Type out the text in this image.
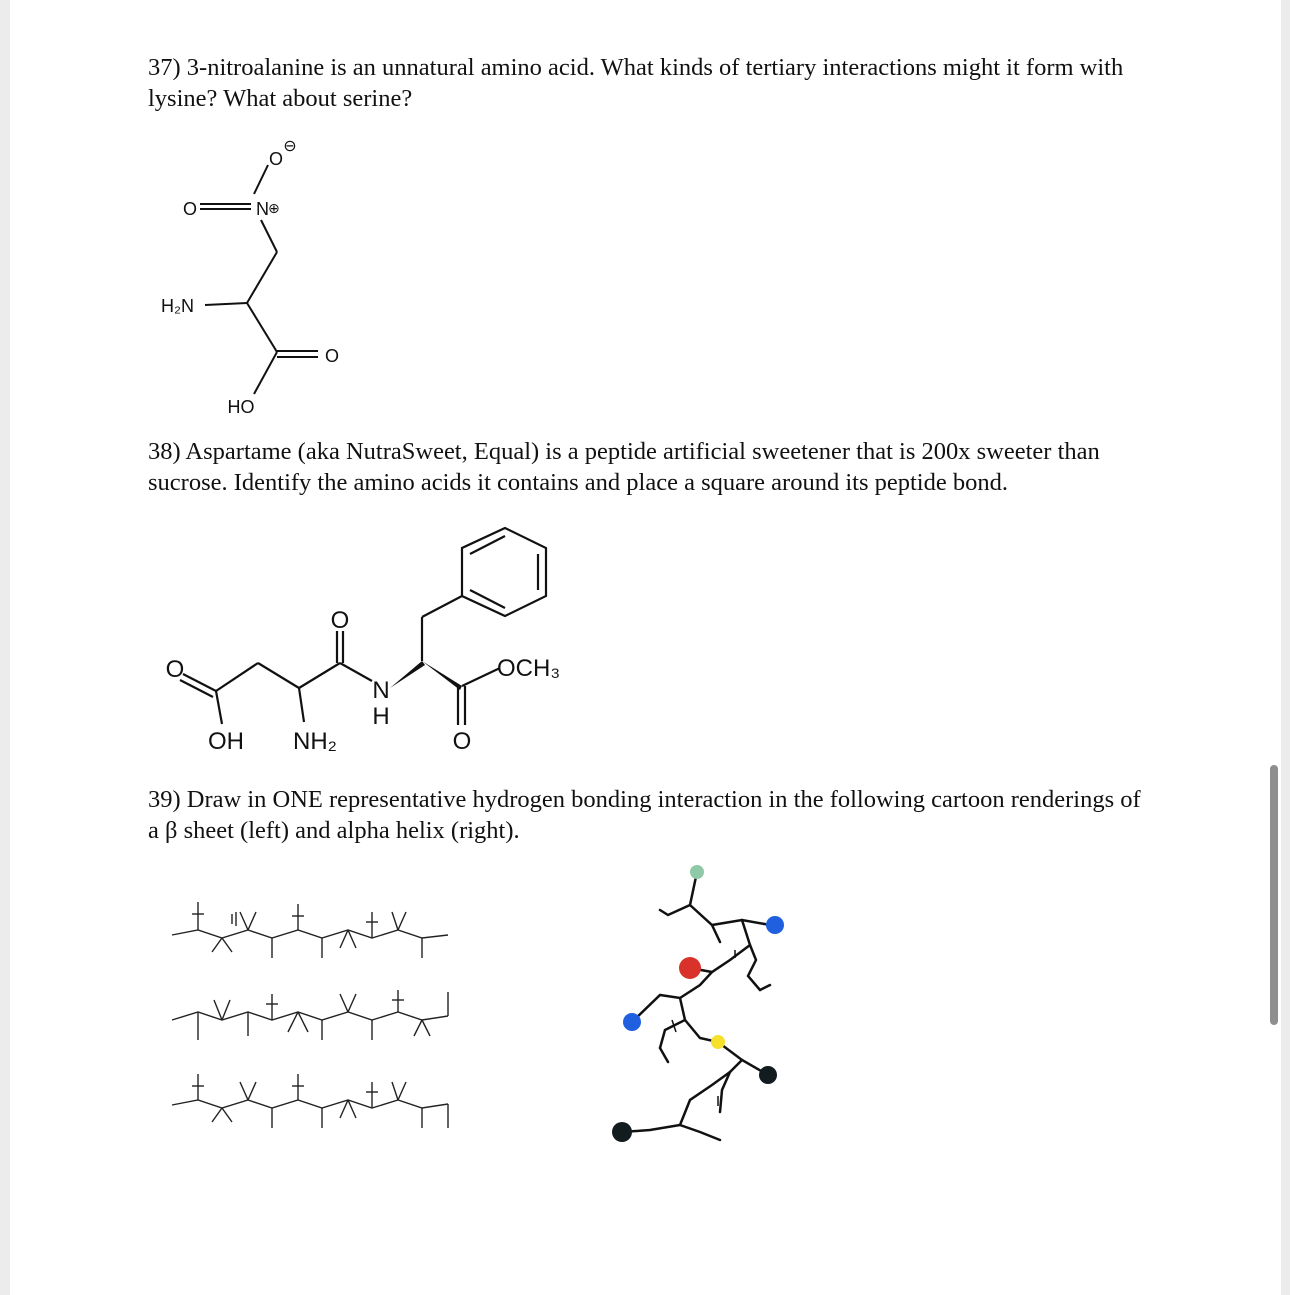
37) 3-nitroalanine is an unnatural amino acid. What kinds of tertiary interactions might it form with lysine? What about serine?
O
⊖
O	N ⊕
H₂N
O
HO
38) Aspartame (aka NutraSweet, Equal) is a peptide artificial sweetener that is 200x sweeter than sucrose. Identify the amino acids it contains and place a square around its peptide bond.
O
OH NH₂
O
N
H
OCH₃
O
39) Draw in ONE representative hydrogen bonding interaction in the following cartoon renderings of a β sheet (left) and alpha helix (right).
